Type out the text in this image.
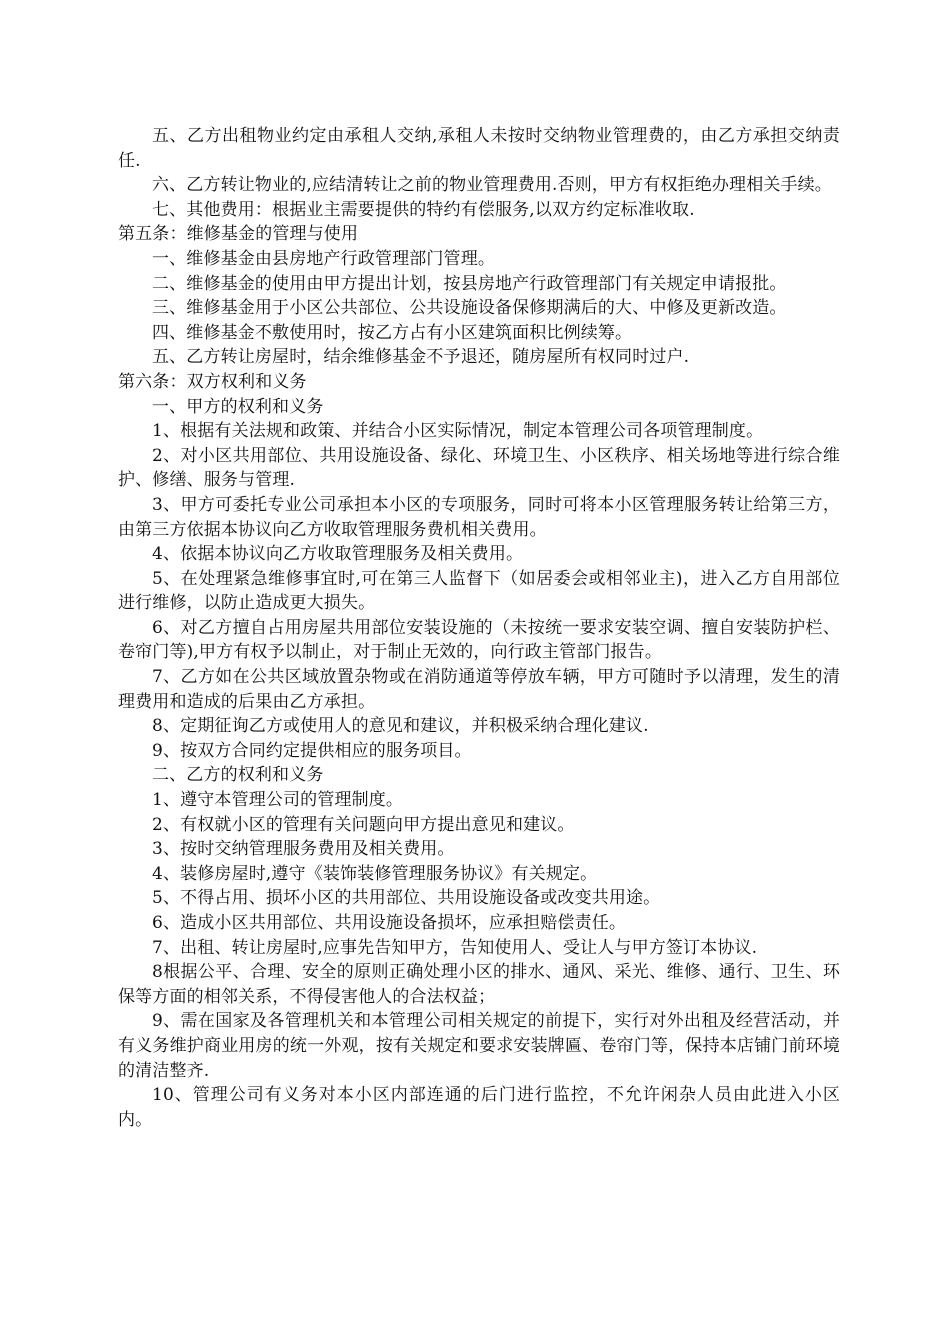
五、乙方出租物业约定由承租人交纳,承租人未按时交纳物业管理费的，由乙方承担交纳责任.

六、乙方转让物业的,应结清转让之前的物业管理费用.否则，甲方有权拒绝办理相关手续。

七、其他费用：根据业主需要提供的特约有偿服务,以双方约定标准收取.

第五条：维修基金的管理与使用

一、维修基金由县房地产行政管理部门管理。

二、维修基金的使用由甲方提出计划，按县房地产行政管理部门有关规定申请报批。

三、维修基金用于小区公共部位、公共设施设备保修期满后的大、中修及更新改造。

四、维修基金不敷使用时，按乙方占有小区建筑面积比例续筹。

五、乙方转让房屋时，结余维修基金不予退还，随房屋所有权同时过户.

第六条：双方权利和义务

一、甲方的权利和义务

1、根据有关法规和政策、并结合小区实际情况，制定本管理公司各项管理制度。

2、对小区共用部位、共用设施设备、绿化、环境卫生、小区秩序、相关场地等进行综合维护、修缮、服务与管理.

3、甲方可委托专业公司承担本小区的专项服务，同时可将本小区管理服务转让给第三方，由第三方依据本协议向乙方收取管理服务费机相关费用。

4、依据本协议向乙方收取管理服务及相关费用。

5、在处理紧急维修事宜时,可在第三人监督下（如居委会或相邻业主)，进入乙方自用部位进行维修，以防止造成更大损失。

6、对乙方擅自占用房屋共用部位安装设施的（未按统一要求安装空调、擅自安装防护栏、卷帘门等),甲方有权予以制止，对于制止无效的，向行政主管部门报告。

7、乙方如在公共区域放置杂物或在消防通道等停放车辆，甲方可随时予以清理，发生的清理费用和造成的后果由乙方承担。

8、定期征询乙方或使用人的意见和建议，并积极采纳合理化建议.

9、按双方合同约定提供相应的服务项目。

二、乙方的权利和义务

1、遵守本管理公司的管理制度。

2、有权就小区的管理有关问题向甲方提出意见和建议。

3、按时交纳管理服务费用及相关费用。

4、装修房屋时,遵守《装饰装修管理服务协议》有关规定。

5、不得占用、损坏小区的共用部位、共用设施设备或改变共用途。

6、造成小区共用部位、共用设施设备损坏，应承担赔偿责任。

7、出租、转让房屋时,应事先告知甲方，告知使用人、受让人与甲方签订本协议.

8根据公平、合理、安全的原则正确处理小区的排水、通风、采光、维修、通行、卫生、环保等方面的相邻关系，不得侵害他人的合法权益；

9、需在国家及各管理机关和本管理公司相关规定的前提下，实行对外出租及经营活动，并有义务维护商业用房的统一外观，按有关规定和要求安装牌匾、卷帘门等，保持本店铺门前环境的清洁整齐.

10、管理公司有义务对本小区内部连通的后门进行监控，不允许闲杂人员由此进入小区内。
